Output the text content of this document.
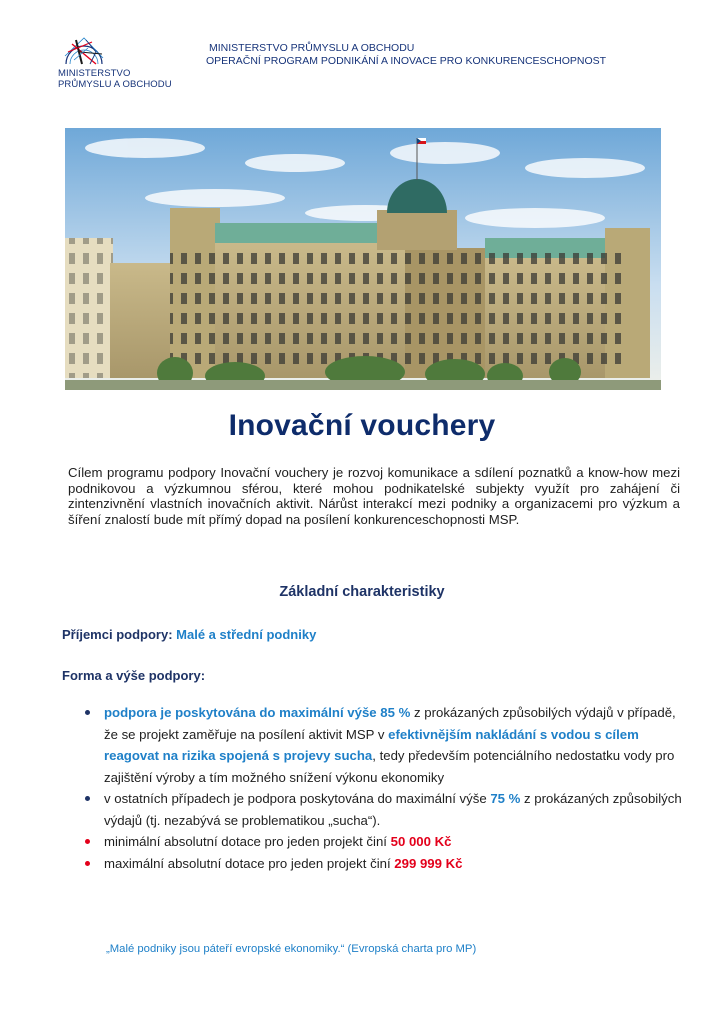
MINISTERSTVO
PRŮMYSLU A OBCHODU
MINISTERSTVO PRŮMYSLU A OBCHODU
OPERAČNÍ PROGRAM PODNIKÁNÍ A INOVACE PRO KONKURENCESCHOPNOST
Inovační vouchery
Cílem programu podpory Inovační vouchery je rozvoj komunikace a sdílení poznatků a know-how mezi podnikovou a výzkumnou sférou, které mohou podnikatelské subjekty využít pro zahájení či zintenzivnění vlastních inovačních aktivit. Nárůst interakcí mezi podniky a organizacemi pro výzkum a šíření znalostí bude mít přímý dopad na posílení konkurenceschopnosti MSP.
Základní charakteristiky
Příjemci podpory: Malé a střední podniky
Forma a výše podpory:
podpora je poskytována do maximální výše 85 % z prokázaných způsobilých výdajů v případě, že se projekt zaměřuje na posílení aktivit MSP v efektivnějším nakládání s vodou s cílem reagovat na rizika spojená s projevy sucha, tedy především potenciálního nedostatku vody pro zajištění výroby a tím možného snížení výkonu ekonomiky
v ostatních případech je podpora poskytována do maximální výše 75 % z prokázaných způsobilých výdajů (tj. nezabývá se problematikou „sucha“).
minimální absolutní dotace pro jeden projekt činí 50 000 Kč
maximální absolutní dotace pro jeden projekt činí 299 999 Kč
„Malé podniky jsou páteří evropské ekonomiky.“ (Evropská charta pro MP)
